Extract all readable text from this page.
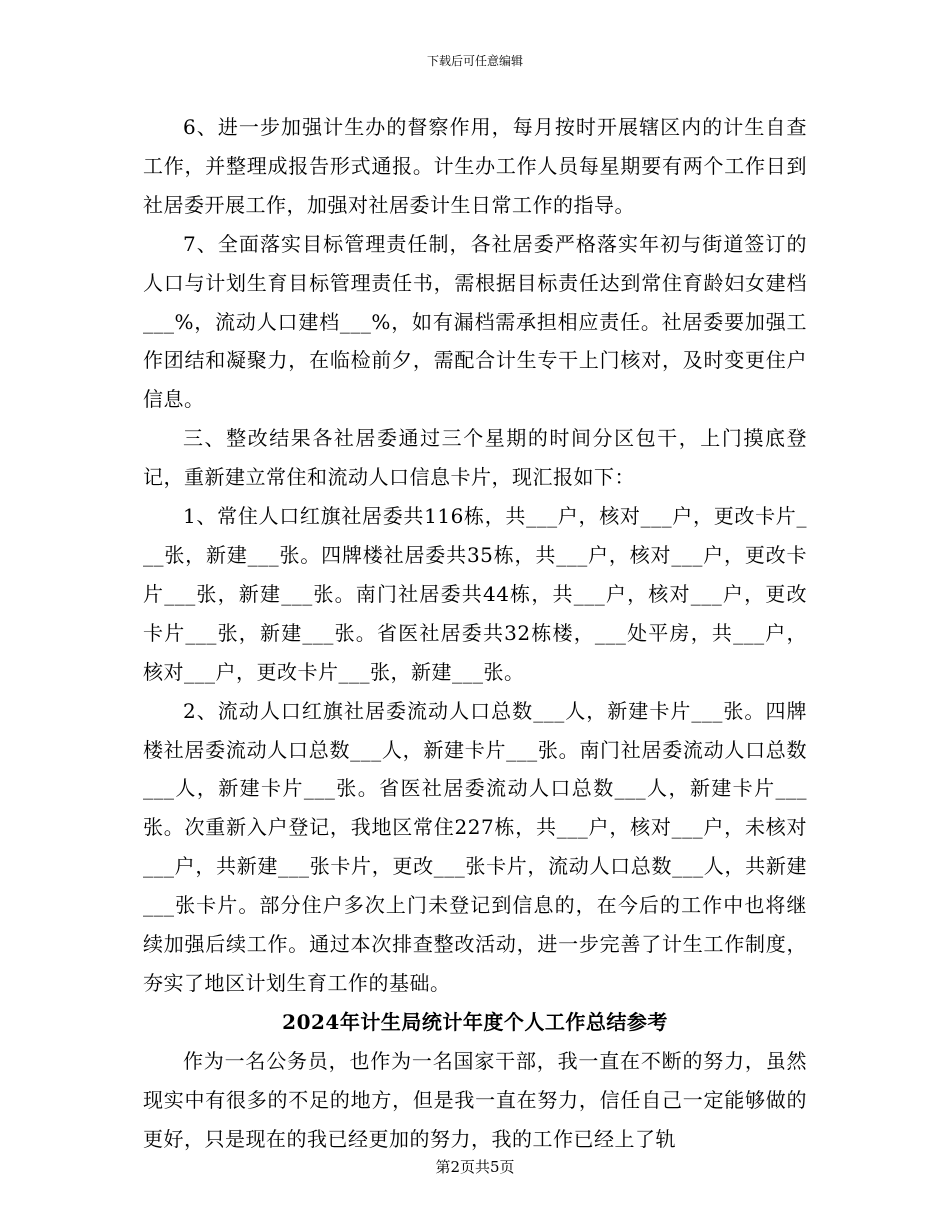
下载后可任意编辑

6、进一步加强计生办的督察作用，每月按时开展辖区内的计生自查工作，并整理成报告形式通报。计生办工作人员每星期要有两个工作日到社居委开展工作，加强对社居委计生日常工作的指导。

7、全面落实目标管理责任制，各社居委严格落实年初与街道签订的人口与计划生育目标管理责任书，需根据目标责任达到常住育龄妇女建档___%，流动人口建档___%，如有漏档需承担相应责任。社居委要加强工作团结和凝聚力，在临检前夕，需配合计生专干上门核对，及时变更住户信息。

三、整改结果各社居委通过三个星期的时间分区包干，上门摸底登记，重新建立常住和流动人口信息卡片，现汇报如下：

1、常住人口红旗社居委共116栋，共___户，核对___户，更改卡片___张，新建___张。四牌楼社居委共35栋，共___户，核对___户，更改卡片___张，新建___张。南门社居委共44栋，共___户，核对___户，更改卡片___张，新建___张。省医社居委共32栋楼，___处平房，共___户，核对___户，更改卡片___张，新建___张。

2、流动人口红旗社居委流动人口总数___人，新建卡片___张。四牌楼社居委流动人口总数___人，新建卡片___张。南门社居委流动人口总数___人，新建卡片___张。省医社居委流动人口总数___人，新建卡片___张。次重新入户登记，我地区常住227栋，共___户，核对___户，未核对___户，共新建___张卡片，更改___张卡片，流动人口总数___人，共新建___张卡片。部分住户多次上门未登记到信息的，在今后的工作中也将继续加强后续工作。通过本次排查整改活动，进一步完善了计生工作制度，夯实了地区计划生育工作的基础。

2024年计生局统计年度个人工作总结参考

作为一名公务员，也作为一名国家干部，我一直在不断的努力，虽然现实中有很多的不足的地方，但是我一直在努力，信任自己一定能够做的更好，只是现在的我已经更加的努力，我的工作已经上了轨

第2页共5页
